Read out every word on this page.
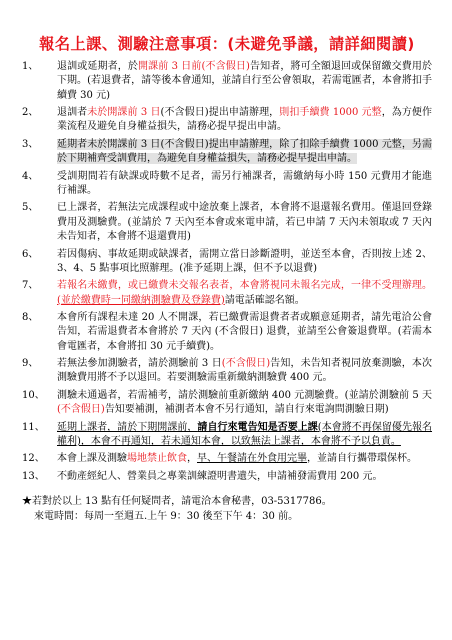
報名上課、測驗注意事項：(未避免爭議，請詳細閱讀)
1、	退訓或延期者，於開課前 3 日前(不含假日)告知者，將可全額退回或保留繳交費用於下期。(若退費者，請等後本會通知，並請自行至公會領取，若需電匯者，本會將扣手續費 30 元)
2、	退訓者未於開課前 3 日(不含假日)提出申請辦理，則扣手續費 1000 元整，為方便作業流程及避免自身權益損失，請務必提早提出申請。
3、	延期者未於開課前 3 日(不含假日)提出申請辦理，除了扣除手續費 1000 元整，另需於下期補齊受訓費用，為避免自身權益損失，請務必提早提出申請。
4、	受訓期間若有缺課或時數不足者，需另行補課者，需繳納每小時 150 元費用才能進行補課。
5、	已上課者，若無法完成課程或中途放棄上課者，本會將不退還報名費用。僅退回登錄費用及測驗費。(並請於 7 天內至本會或來電申請，若已申請 7 天內未領取或 7 天內未告知者，本會將不退還費用)
6、	若因傷病、事故延期或缺課者，需開立當日診斷證明，並送至本會，否則按上述 2、3、4、5 點事項比照辦理。(准予延期上課，但不予以退費)
7、	若報名未繳費，或已繳費未交報名表者，本會將視同未報名完成，一律不受理辦理。(並於繳費時一同繳納測驗費及登錄費)請電話確認名額。
8、	本會所有課程未達 20 人不開課，若已繳費需退費者者或願意延期者，請先電洽公會告知，若需退費者本會將於 7 天內 (不含假日) 退費，並請至公會簽退費單。(若需本會電匯者，本會將扣 30 元手續費)。
9、	若無法參加測驗者，請於測驗前 3 日(不含假日)告知，未告知者視同放棄測驗，本次測驗費用將不予以退回。若要測驗需重新繳納測驗費 400 元。
10、	測驗未通過者，若需補考，請於測驗前重新繳納 400 元測驗費。(並請於測驗前 5 天(不含假日)告知要補測，補測者本會不另行通知，請自行來電詢問測驗日期)
11、	延期上課者，請於下期開課前，請自行來電告知是否要上課(本會將不再保留優先報名權利)，本會不再通知，若未通知本會，以致無法上課者，本會將不予以負責。
12、	本會上課及測驗場地禁止飲食，早、午餐請在外食用完畢，並請自行攜帶環保杯。
13、	不動產經紀人、營業員之專業訓練證明書遺失，申請補發需費用 200 元。
★若對於以上 13 點有任何疑問者，請電洽本會秘書，03-5317786。
來電時間：每周一至週五.上午 9：30 後至下午 4：30 前。
